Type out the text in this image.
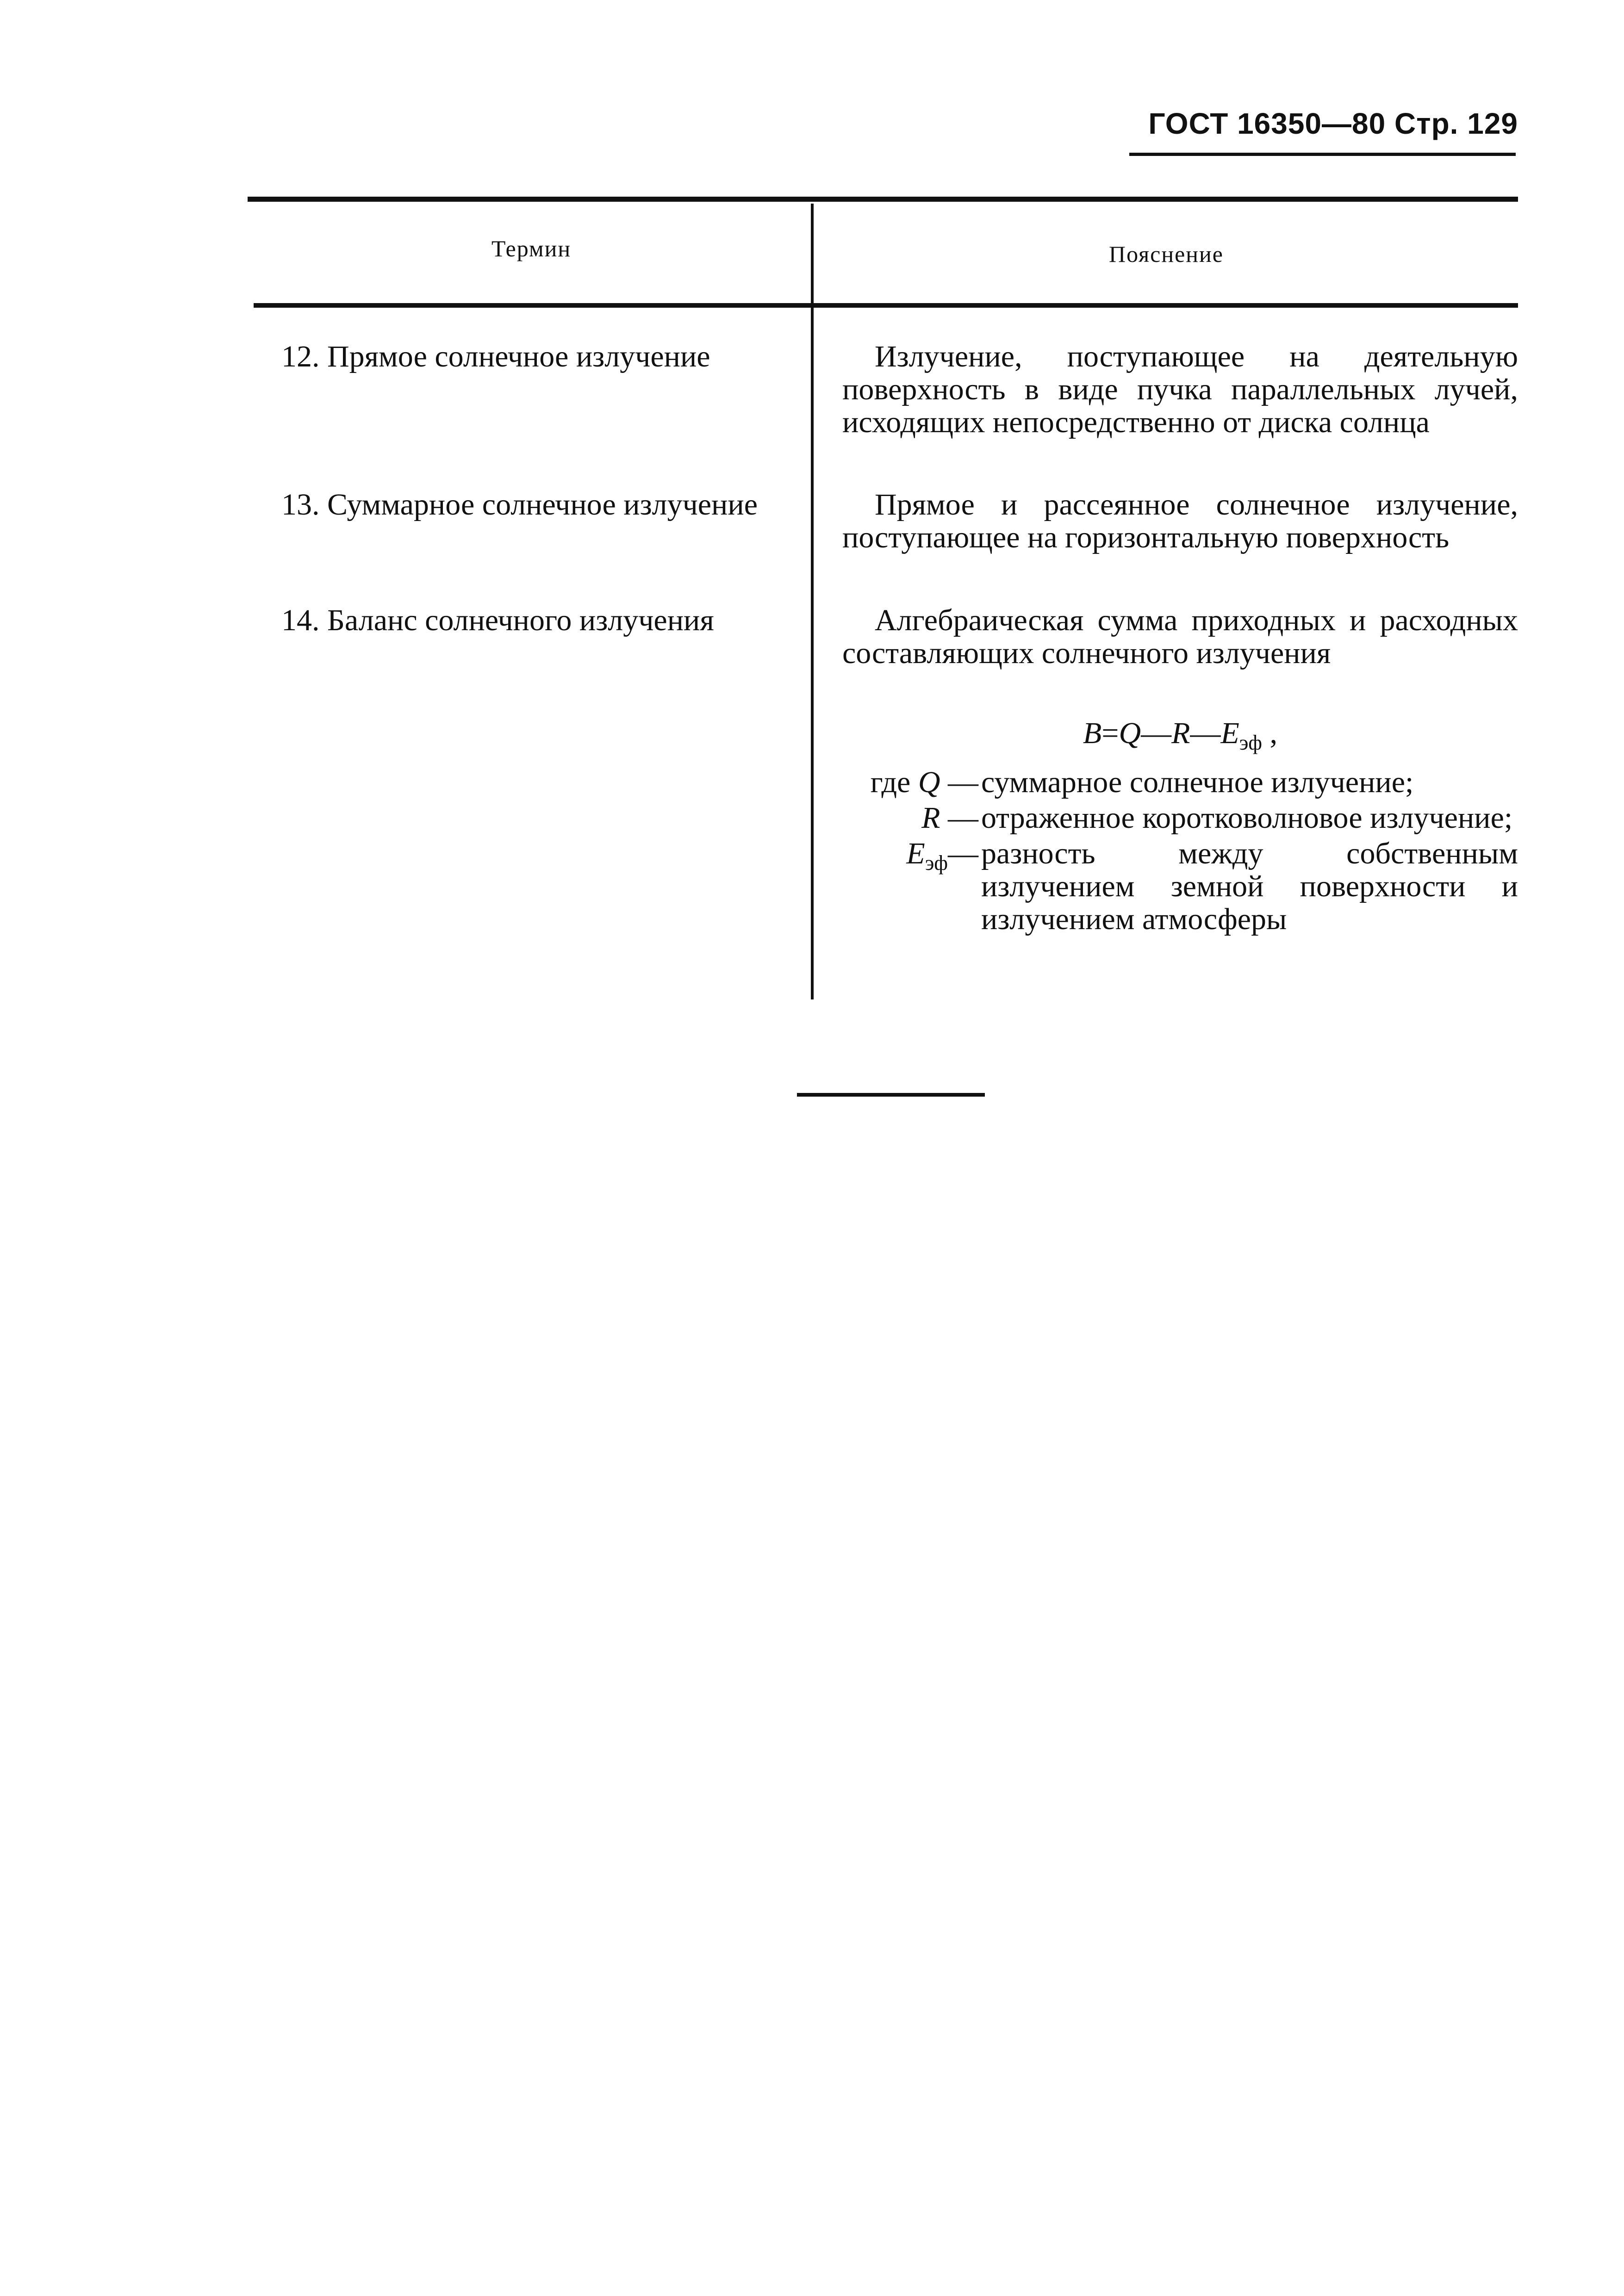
ГОСТ 16350—80 Стр. 129
Термин	Пояснение
12. Прямое солнечное излучение	Излучение, поступающее на деятельную поверхность в виде пучка параллельных лучей, исходящих непосредственно от диска солнца
13. Суммарное солнечное излучение	Прямое и рассеянное солнечное излучение, поступающее на горизонтальную поверхность
14. Баланс солнечного излучения	Алгебраическая сумма приходных и расходных составляющих солнечного излучения
$B=Q—R—E_{эф}$ ,
где Q — суммарное солнечное излучение;
R — отраженное коротковолновое излучение;
$E_{эф}—$ разность между собственным излучением земной поверхности и излучением атмосферы
